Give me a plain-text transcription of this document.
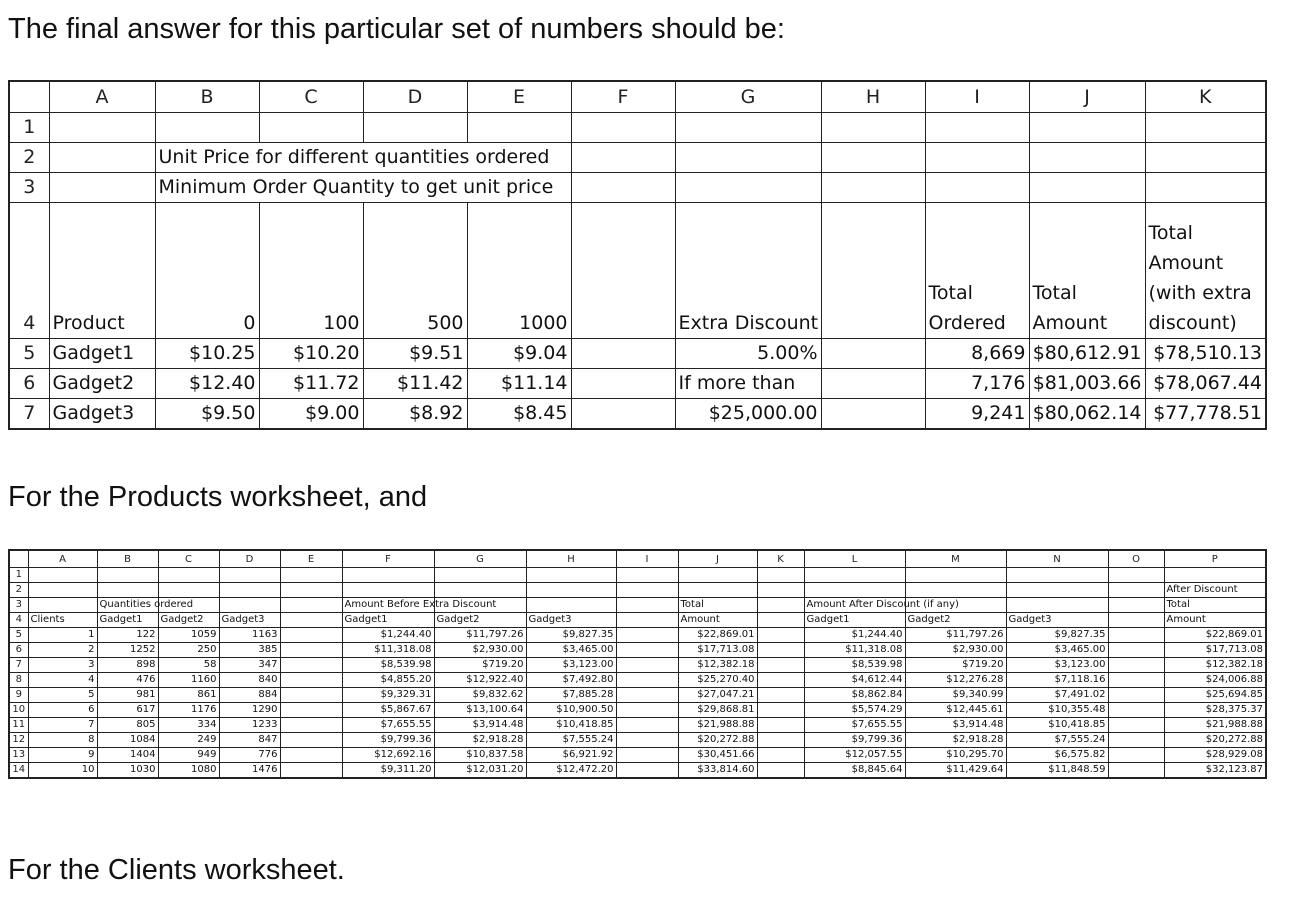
The final answer for this particular set of numbers should be:

	A	B	C	D	E	F	G	H	I	J	K
1											
2		Unit Price for different quantities ordered									
3		Minimum Order Quantity to get unit price									
4	Product	0	100	500	1000		Extra Discount		Total Ordered	Total Amount	Total Amount (with extra discount)
5	Gadget1	$10.25	$10.20	$9.51	$9.04		5.00%		8,669	$80,612.91	$78,510.13
6	Gadget2	$12.40	$11.72	$11.42	$11.14		If more than		7,176	$81,003.66	$78,067.44
7	Gadget3	$9.50	$9.00	$8.92	$8.45		$25,000.00		9,241	$80,062.14	$77,778.51

For the Products worksheet, and

	A	B	C	D	E	F	G	H	I	J	K	L	M	N	O	P
1																
2																After Discount
3		Quantities ordered				Amount Before Extra Discount				Total		Amount After Discount (if any)				Total
4	Clients	Gadget1	Gadget2	Gadget3		Gadget1	Gadget2	Gadget3		Amount		Gadget1	Gadget2	Gadget3		Amount
5	1	122	1059	1163		$1,244.40	$11,797.26	$9,827.35		$22,869.01		$1,244.40	$11,797.26	$9,827.35		$22,869.01
6	2	1252	250	385		$11,318.08	$2,930.00	$3,465.00		$17,713.08		$11,318.08	$2,930.00	$3,465.00		$17,713.08
7	3	898	58	347		$8,539.98	$719.20	$3,123.00		$12,382.18		$8,539.98	$719.20	$3,123.00		$12,382.18
8	4	476	1160	840		$4,855.20	$12,922.40	$7,492.80		$25,270.40		$4,612.44	$12,276.28	$7,118.16		$24,006.88
9	5	981	861	884		$9,329.31	$9,832.62	$7,885.28		$27,047.21		$8,862.84	$9,340.99	$7,491.02		$25,694.85
10	6	617	1176	1290		$5,867.67	$13,100.64	$10,900.50		$29,868.81		$5,574.29	$12,445.61	$10,355.48		$28,375.37
11	7	805	334	1233		$7,655.55	$3,914.48	$10,418.85		$21,988.88		$7,655.55	$3,914.48	$10,418.85		$21,988.88
12	8	1084	249	847		$9,799.36	$2,918.28	$7,555.24		$20,272.88		$9,799.36	$2,918.28	$7,555.24		$20,272.88
13	9	1404	949	776		$12,692.16	$10,837.58	$6,921.92		$30,451.66		$12,057.55	$10,295.70	$6,575.82		$28,929.08
14	10	1030	1080	1476		$9,311.20	$12,031.20	$12,472.20		$33,814.60		$8,845.64	$11,429.64	$11,848.59		$32,123.87

For the Clients worksheet.
